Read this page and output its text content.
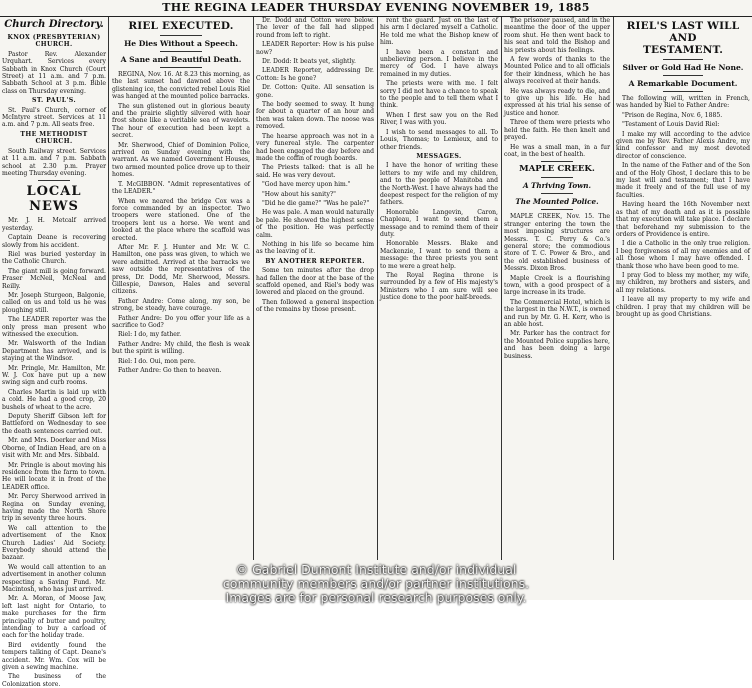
THE REGINA LEADER THURSDAY EVENING NOVEMBER 19, 1885
Church Directory.
KNOX (PRESBYTERIAN) CHURCH.

Pastor Rev. Alexander Urquhart. Services every Sabbath in Knox Church (Court Street) at 11 a.m. and 7 p.m. Sabbath School at 3 p.m. Bible class on Thursday evening.

ST. PAUL'S.

St. Paul's Church, corner of McIntyre street. Services at 11 a.m. and 7 p.m. All seats free.

THE METHODIST CHURCH.

South Railway street. Services at 11 a.m. and 7 p.m. Sabbath school at 2.30 p.m. Prayer meeting Thursday evening.

LOCAL NEWS

Mr. J. H. Metcalf arrived yesterday.

Captain Deane is recovering slowly from his accident.

Riel was buried yesterday in the Catholic Church.

The giant mill is going forward. Fraser McNeil, McNeal and Reilly.

Mr. Joseph Sturgeon, Balgonie, called on us and told us he was ploughing still.

The LEADER reporter was the only press man present who witnessed the execution.

Mr. Walsworth of the Indian Department has arrived, and is staying at the Windsor.

Mr. Pringle, Mr. Hamilton, Mr. W. J. Cox have put up a new swing sign and curb rooms.

Charles Martin is laid up with a cold. He had a good crop, 20 bushels of wheat to the acre.

Deputy Sheriff Gibson left for Battleford on Wednesday to see the death sentences carried out.

Mr. and Mrs. Doerker and Miss Oborne, of Indian Head, are on a visit with Mr. and Mrs. Sibbald.

Mr. Pringle is about moving his residence from the farm to town. He will locate it in front of the LEADER office.

Mr. Percy Sherwood arrived in Regina on Sunday evening, having made the North Shore trip in seventy three hours.

We call attention to the advertisement of the Knox Church Ladies' Aid Society. Everybody should attend the bazaar.

We would call attention to an advertisement in another column respecting a Saving Fund. Mr. Macintosh, who has just arrived.

Mr. A. Moran, of Moose Jaw, left last night for Ontario, to make purchases for the firm principally of butter and poultry, intending to buy a carload of each for the holiday trade.

Bird evidently found the tempers talking of Capt. Deane's accident. Mr. Wm. Cox will be given a sewing machine.

The business of the Colonization store.

RIEL EXECUTED.
He Dies Without a Speech.
A Sane and Beautiful Death.

REGINA, Nov. 16. At 8.23 this morning, as the last sunset had dawned above the glistening ice, the convicted rebel Louis Riel was hanged at the mounted police barracks.

The sun glistened out in glorious beauty and the prairie slightly silvered with hoar frost shone like a veritable sea of wavelets. The hour of execution had been kept a secret.

Mr. Sherwood, Chief of Dominion Police, arrived on Sunday evening with the warrant. As we named Government Houses, two armed mounted police drove up to their homes.

T. McGIBBON. "Admit representatives of the LEADER."

When we neared the bridge Cox was a force commanded by an inspector. Two troopers were stationed. One of the troopers lent us a horse. We went and looked at the place where the scaffold was erected.

After Mr. F. J. Hunter and Mr. W. C. Hamilton, one pass was given, to which we were admitted. Arrived at the barracks we saw outside the representatives of the press, Dr. Dodd, Mr. Sherwood, Messrs. Gillespie, Dawson, Hales and several citizens.

Father Andre: Come along, my son, be strong, be steady, have courage.

Father Andre: Do you offer your life as a sacrifice to God?

Riel: I do, my father.

Father Andre: My child, the flesh is weak but the spirit is willing.

Riel: I do. Oui, mon pere.

Father Andre: Go then to heaven.

Dr. Dodd and Cotton were below. The lever of the fall had slipped round from left to right.

LEADER Reporter: How is his pulse now?

Dr. Dodd: It beats yet, slightly.

LEADER Reporter, addressing Dr. Cotton: Is he gone?

Dr. Cotton: Quite. All sensation is gone.

The body seemed to sway. It hung for about a quarter of an hour and then was taken down. The noose was removed.

The hearse approach was not in a very funereal style. The carpenter had been engaged the day before and made the coffin of rough boards.

The Priests talked: that is all he said. He was very devout.

"God have mercy upon him."

"How about his sanity?"

"Did he die game?" "Was he pale?"

He was pale. A man would naturally be pale. He showed the highest sense of the position. He was perfectly calm.

Nothing in his life so became him as the leaving of it.

BY ANOTHER REPORTER.

Some ten minutes after the drop had fallen the door at the base of the scaffold opened, and Riel's body was lowered and placed on the ground.

Then followed a general inspection of the remains by those present.

rent the guard. Just on the last of his arm I declared myself a Catholic. He told me what the Bishop knew of him.

I have been a constant and unbelieving person. I believe in the mercy of God. I have always remained in my duties.

The priests were with me. I felt sorry I did not have a chance to speak to the people and to tell them what I think.

When I first saw you on the Red River, I was with you.

I wish to send messages to all. To Louis, Thomas; to Lemieux, and to other friends.

MESSAGES.

I have the honor of writing these letters to my wife and my children, and to the people of Manitoba and the North-West. I have always had the deepest respect for the religion of my fathers.

Honorable Langevin, Caron, Chapleau, I want to send them a message and to remind them of their duty.

Honorable Messrs. Blake and Mackenzie, I want to send them a message: the three priests you sent to me were a great help.

The Royal Regina throne is surrounded by a few of His majesty's Ministers who I am sure will see justice done to the poor half-breeds.

The prisoner paused, and in the meantime the door of the upper room shut. He then went back to his seat and told the Bishop and his priests about his feelings.

A few words of thanks to the Mounted Police and to all officials for their kindness, which he has always received at their hands.

He was always ready to die, and to give up his life. He had expressed at his trial his sense of justice and honor.

Three of them were priests who held the faith. He then knelt and prayed.

He was a small man, in a fur coat, in the best of health.

MAPLE CREEK.
A Thriving Town.
The Mounted Police.

MAPLE CREEK, Nov. 15. The stranger entering the town the most imposing structures are Messrs. T. C. Perry & Co.'s general store; the commodious store of T. C. Power & Bro., and the old established business of Messrs. Dixon Bros.

Maple Creek is a flourishing town, with a good prospect of a large increase in its trade.

The Commercial Hotel, which is the largest in the N.W.T., is owned and run by Mr. G. H. Kerr, who is an able host.

Mr. Parker has the contract for the Mounted Police supplies here, and has been doing a large business.

RIEL'S LAST WILL AND
TESTAMENT.
Silver or Gold Had He None.
A Remarkable Document.

The following will, written in French, was handed by Riel to Father Andre:

"Prison de Regina, Nov. 6, 1885.

"Testament of Louis David Riel:

I make my will according to the advice given me by Rev. Father Alexis Andre, my kind confessor and my most devoted director of conscience.

In the name of the Father and of the Son and of the Holy Ghost, I declare this to be my last will and testament; that I have made it freely and of the full use of my faculties.

Having heard the 16th November next as that of my death and as it is possible that my execution will take place. I declare that beforehand my submission to the orders of Providence is entire.

I die a Catholic in the only true religion. I beg forgiveness of all my enemies and of all those whom I may have offended. I thank those who have been good to me.

I pray God to bless my mother, my wife, my children, my brothers and sisters, and all my relations.

I leave all my property to my wife and children. I pray that my children will be brought up as good Christians.

© Gabriel Dumont Institute and/or individual
community members and/or partner institutions.
Images are for personal research purposes only.
